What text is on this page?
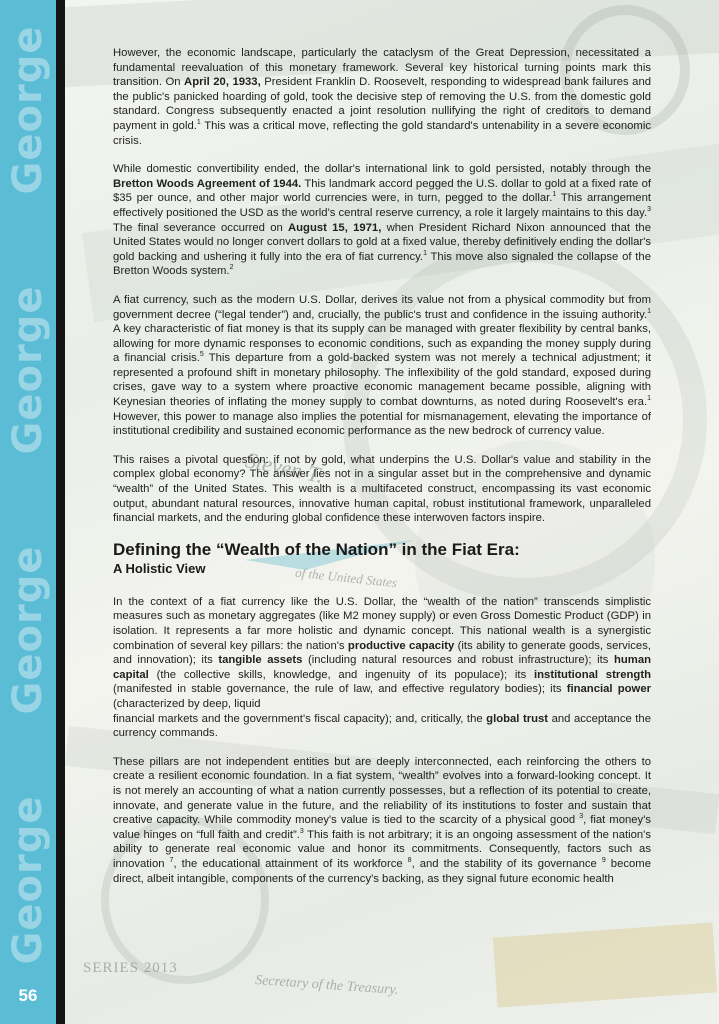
George
George
George
George
56
SERIES 2013
Secretary of the Treasury.
of the United States
Steven T.

However, the economic landscape, particularly the cataclysm of the Great Depression, necessitated a fundamental reevaluation of this monetary framework. Several key historical turning points mark this transition. On April 20, 1933, President Franklin D. Roosevelt, responding to widespread bank failures and the public's panicked hoarding of gold, took the decisive step of removing the U.S. from the domestic gold standard. Congress subsequently enacted a joint resolution nullifying the right of creditors to demand payment in gold.$^1$ This was a critical move, reflecting the gold standard's untenability in a severe economic crisis.

While domestic convertibility ended, the dollar's international link to gold persisted, notably through the Bretton Woods Agreement of 1944. This landmark accord pegged the U.S. dollar to gold at a fixed rate of $35 per ounce, and other major world currencies were, in turn, pegged to the dollar.$^1$ This arrangement effectively positioned the USD as the world's central reserve currency, a role it largely maintains to this day.$^3$ The final severance occurred on August 15, 1971, when President Richard Nixon announced that the United States would no longer convert dollars to gold at a fixed value, thereby definitively ending the dollar's gold backing and ushering it fully into the era of fiat currency.$^1$ This move also signaled the collapse of the Bretton Woods system.$^2$

A fiat currency, such as the modern U.S. Dollar, derives its value not from a physical commodity but from government decree (“legal tender”) and, crucially, the public's trust and confidence in the issuing authority.$^1$ A key characteristic of fiat money is that its supply can be managed with greater flexibility by central banks, allowing for more dynamic responses to economic conditions, such as expanding the money supply during a financial crisis.$^5$ This departure from a gold-backed system was not merely a technical adjustment; it represented a profound shift in monetary philosophy. The inflexibility of the gold standard, exposed during crises, gave way to a system where proactive economic management became possible, aligning with Keynesian theories of inflating the money supply to combat downturns, as noted during Roosevelt's era.$^1$ However, this power to manage also implies the potential for mismanagement, elevating the importance of institutional credibility and sustained economic performance as the new bedrock of currency value.

This raises a pivotal question: if not by gold, what underpins the U.S. Dollar's value and stability in the complex global economy? The answer lies not in a singular asset but in the comprehensive and dynamic “wealth” of the United States. This wealth is a multifaceted construct, encompassing its vast economic output, abundant natural resources, innovative human capital, robust institutional framework, unparalleled financial markets, and the enduring global confidence these interwoven factors inspire.

Defining the “Wealth of the Nation” in the Fiat Era:
A Holistic View

In the context of a fiat currency like the U.S. Dollar, the “wealth of the nation” transcends simplistic measures such as monetary aggregates (like M2 money supply) or even Gross Domestic Product (GDP) in isolation. It represents a far more holistic and dynamic concept. This national wealth is a synergistic combination of several key pillars: the nation's productive capacity (its ability to generate goods, services, and innovation); its tangible assets (including natural resources and robust infrastructure); its human capital (the collective skills, knowledge, and ingenuity of its populace); its institutional strength (manifested in stable governance, the rule of law, and effective regulatory bodies); its financial power (characterized by deep, liquid
financial markets and the government's fiscal capacity); and, critically, the global trust and acceptance the currency commands.

These pillars are not independent entities but are deeply interconnected, each reinforcing the others to create a resilient economic foundation. In a fiat system, “wealth” evolves into a forward-looking concept. It is not merely an accounting of what a nation currently possesses, but a reflection of its potential to create, innovate, and generate value in the future, and the reliability of its institutions to foster and sustain that creative capacity. While commodity money's value is tied to the scarcity of a physical good $^3$, fiat money's value hinges on “full faith and credit”.$^3$ This faith is not arbitrary; it is an ongoing assessment of the nation's ability to generate real economic value and honor its commitments. Consequently, factors such as innovation $^7$, the educational attainment of its workforce $^8$, and the stability of its governance $^9$ become direct, albeit intangible, components of the currency's backing, as they signal future economic health
